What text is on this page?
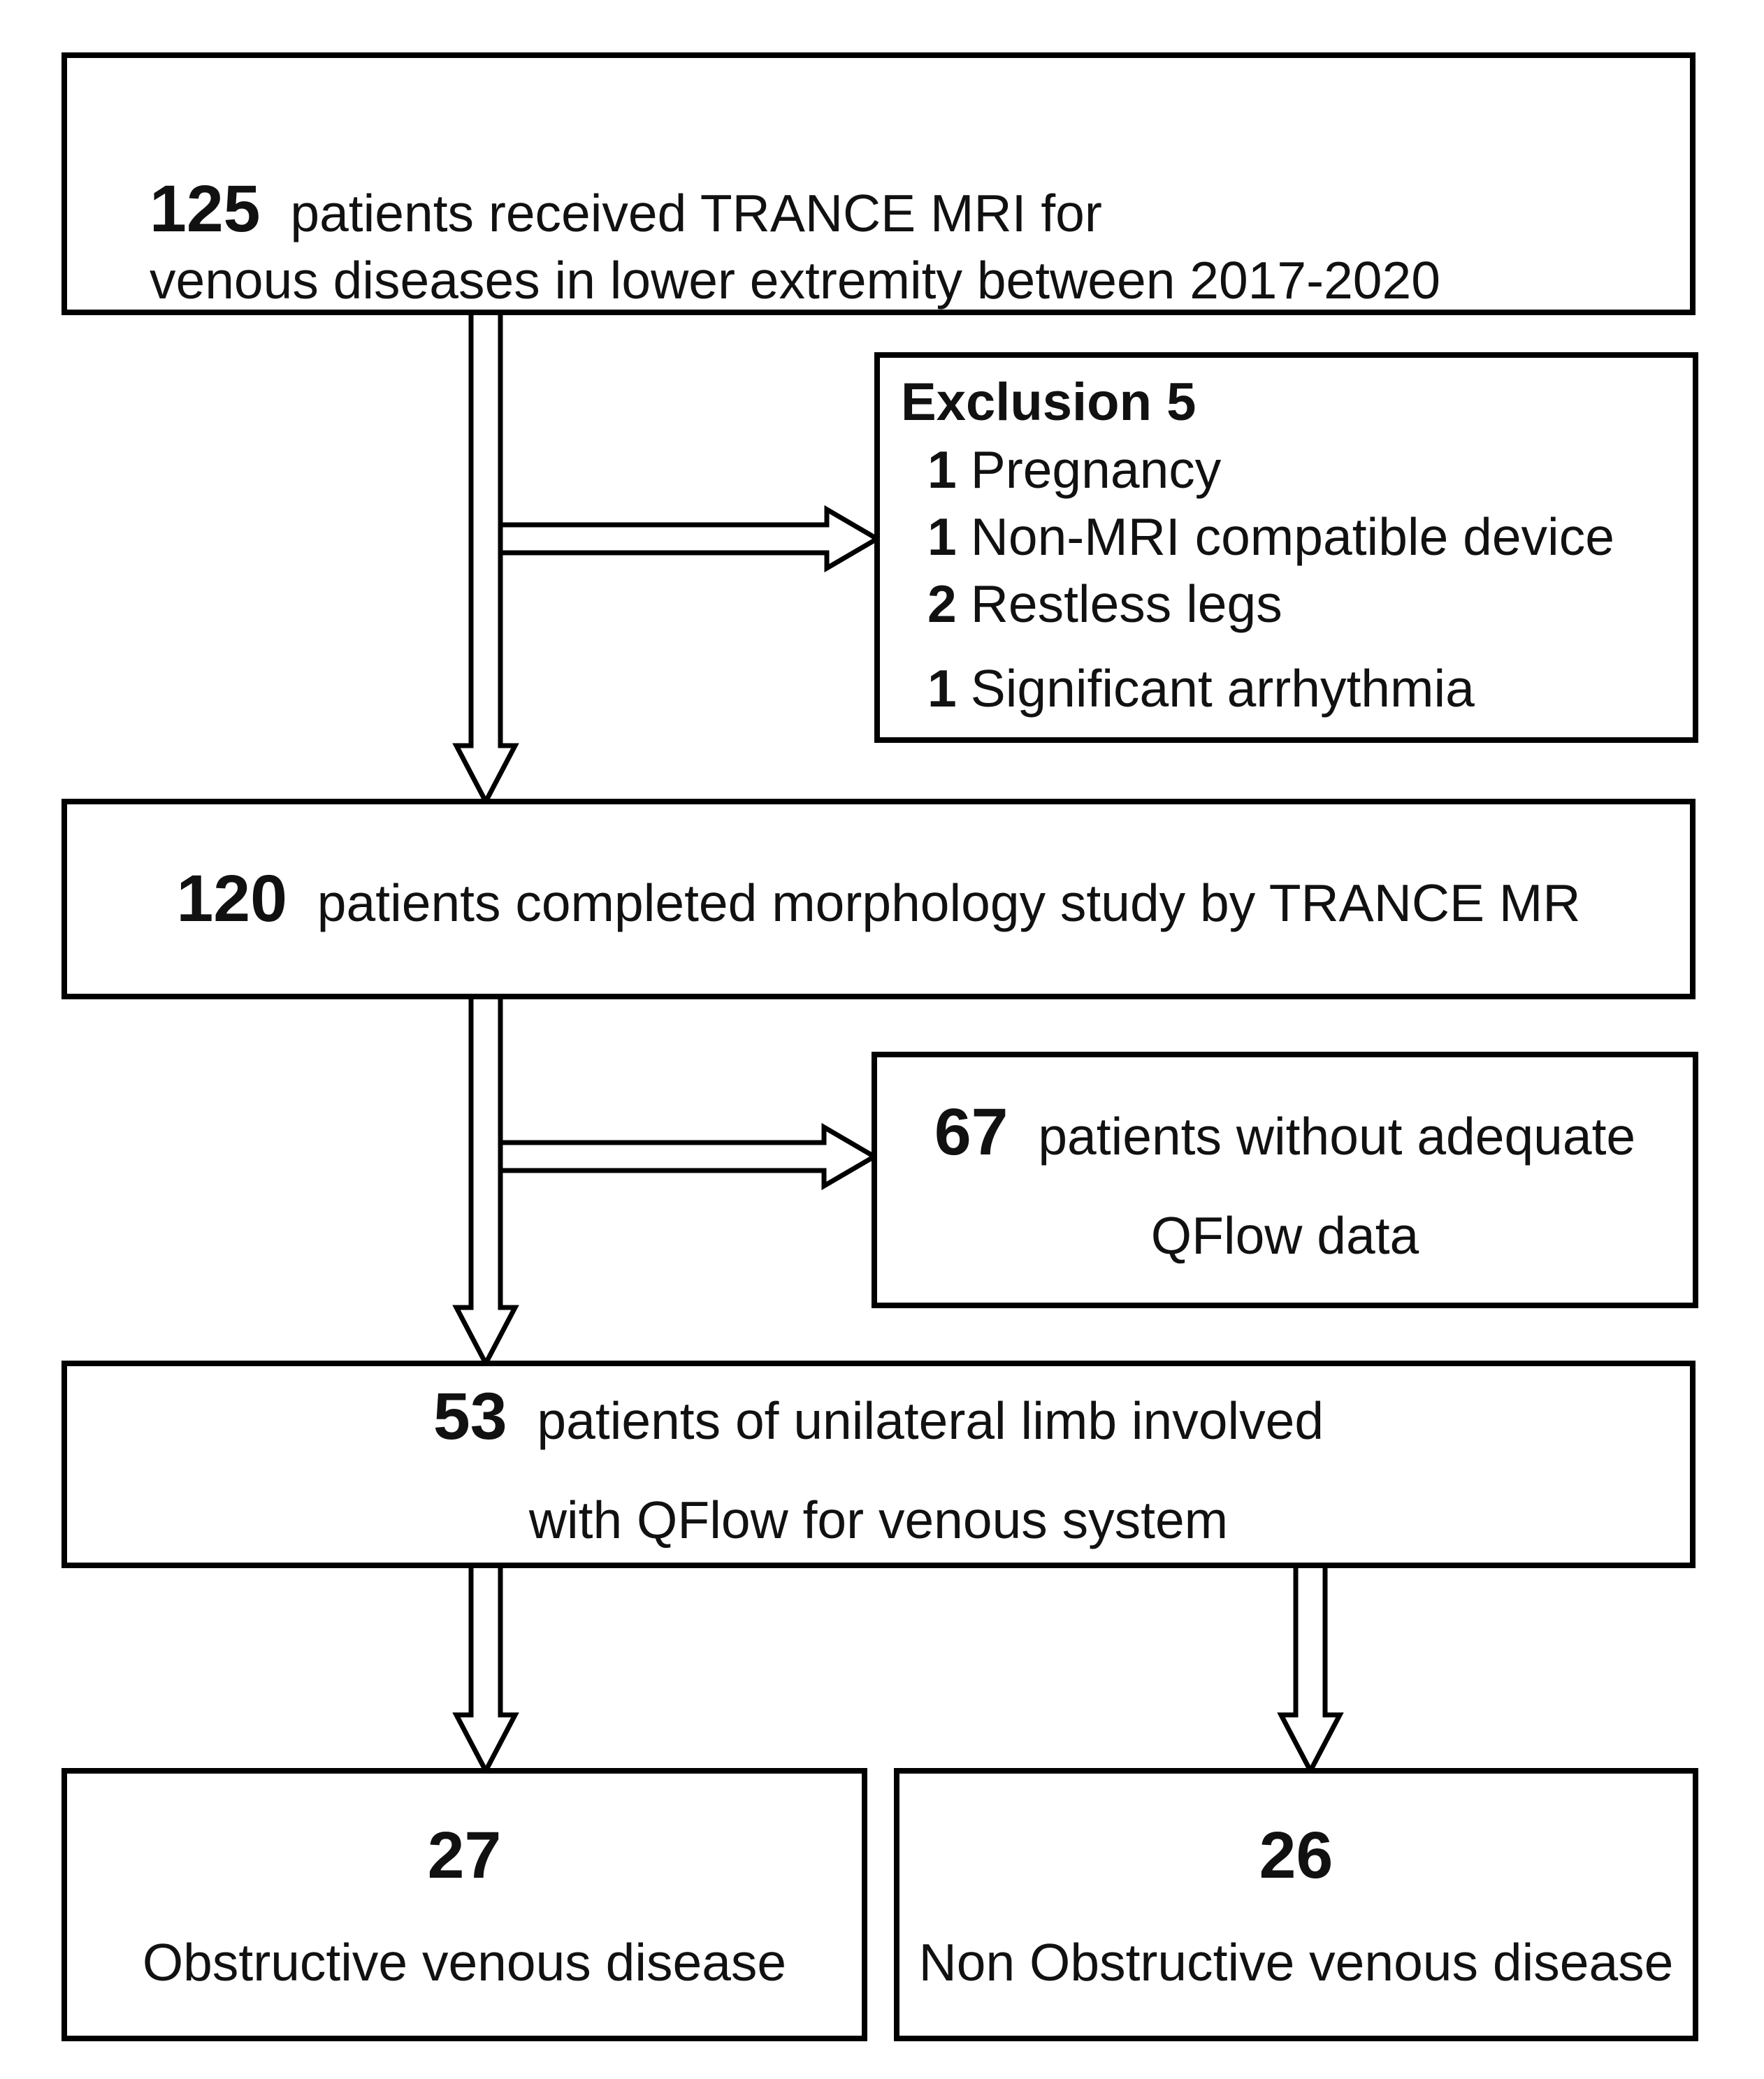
125 patients received TRANCE MRI for
venous diseases in lower extremity between 2017-2020
Exclusion 5
1 Pregnancy
1 Non-MRI compatible device
2 Restless legs
1 Significant arrhythmia
120 patients completed morphology study by TRANCE MR
67 patients without adequate
QFlow data
53 patients of unilateral limb involved
with QFlow for venous system
27
Obstructive venous disease
26
Non Obstructive venous disease
